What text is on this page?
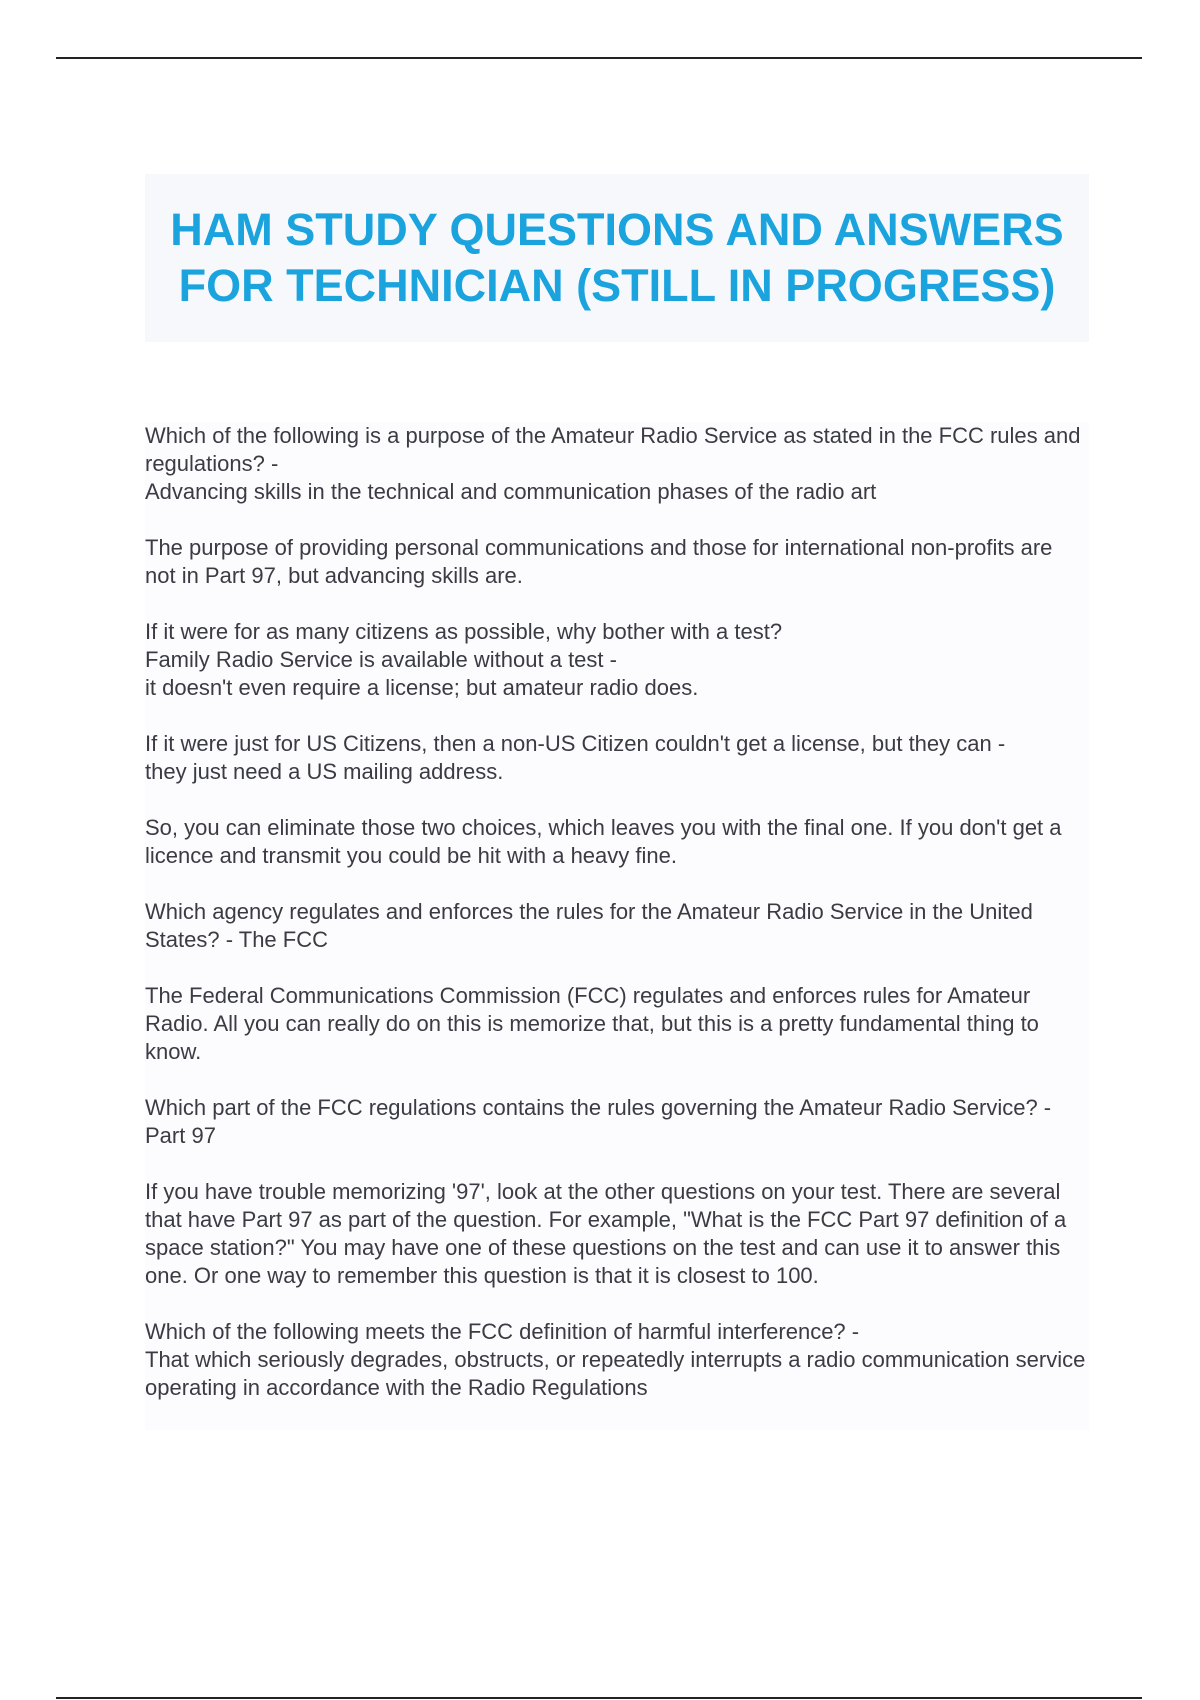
HAM STUDY QUESTIONS AND ANSWERS FOR TECHNICIAN (STILL IN PROGRESS)

Which of the following is a purpose of the Amateur Radio Service as stated in the FCC rules and regulations? -
Advancing skills in the technical and communication phases of the radio art

The purpose of providing personal communications and those for international non-profits are not in Part 97, but advancing skills are.

If it were for as many citizens as possible, why bother with a test?
Family Radio Service is available without a test -
it doesn't even require a license; but amateur radio does.

If it were just for US Citizens, then a non-US Citizen couldn't get a license, but they can -
they just need a US mailing address.

So, you can eliminate those two choices, which leaves you with the final one. If you don't get a licence and transmit you could be hit with a heavy fine.

Which agency regulates and enforces the rules for the Amateur Radio Service in the United States? - The FCC

The Federal Communications Commission (FCC) regulates and enforces rules for Amateur Radio. All you can really do on this is memorize that, but this is a pretty fundamental thing to know.

Which part of the FCC regulations contains the rules governing the Amateur Radio Service? - Part 97

If you have trouble memorizing '97', look at the other questions on your test. There are several that have Part 97 as part of the question. For example, "What is the FCC Part 97 definition of a space station?" You may have one of these questions on the test and can use it to answer this one. Or one way to remember this question is that it is closest to 100.

Which of the following meets the FCC definition of harmful interference? -
That which seriously degrades, obstructs, or repeatedly interrupts a radio communication service operating in accordance with the Radio Regulations
